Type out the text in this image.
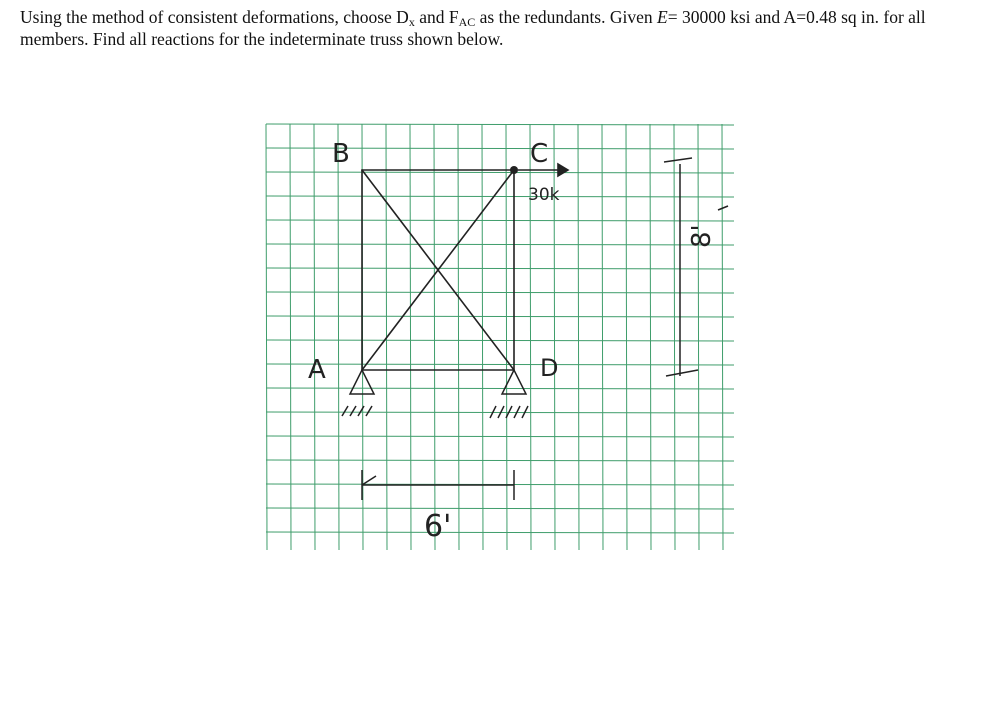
Using the method of consistent deformations, choose $D_x$ and $F_{AC}$ as the redundants. Given E= 30000 ksi and A=0.48 sq in. for all members. Find all reactions for the indeterminate truss shown below.

B	C
30k
A	D
6'
8'
